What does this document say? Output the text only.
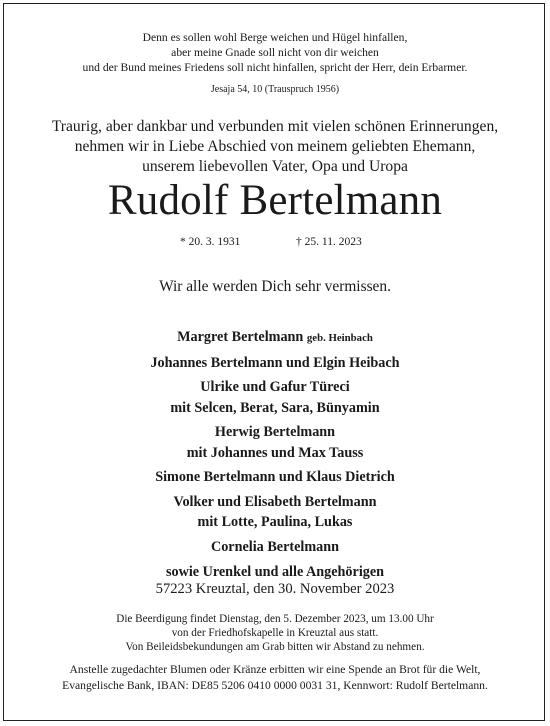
Denn es sollen wohl Berge weichen und Hügel hinfallen,
aber meine Gnade soll nicht von dir weichen
und der Bund meines Friedens soll nicht hinfallen, spricht der Herr, dein Erbarmer.
Jesaja 54, 10 (Trauspruch 1956)
Traurig, aber dankbar und verbunden mit vielen schönen Erinnerungen,
nehmen wir in Liebe Abschied von meinem geliebten Ehemann,
unserem liebevollen Vater, Opa und Uropa
Rudolf Bertelmann
* 20. 3. 1931	† 25. 11. 2023
Wir alle werden Dich sehr vermissen.
Margret Bertelmann geb. Heinbach
Johannes Bertelmann und Elgin Heibach
Ulrike und Gafur Türeci
mit Selcen, Berat, Sara, Bünyamin
Herwig Bertelmann
mit Johannes und Max Tauss
Simone Bertelmann und Klaus Dietrich
Volker und Elisabeth Bertelmann
mit Lotte, Paulina, Lukas
Cornelia Bertelmann
sowie Urenkel und alle Angehörigen
57223 Kreuztal, den 30. November 2023
Die Beerdigung findet Dienstag, den 5. Dezember 2023, um 13.00 Uhr
von der Friedhofskapelle in Kreuztal aus statt.
Von Beileidsbekundungen am Grab bitten wir Abstand zu nehmen.
Anstelle zugedachter Blumen oder Kränze erbitten wir eine Spende an Brot für die Welt,
Evangelische Bank, IBAN: DE85 5206 0410 0000 0031 31, Kennwort: Rudolf Bertelmann.
